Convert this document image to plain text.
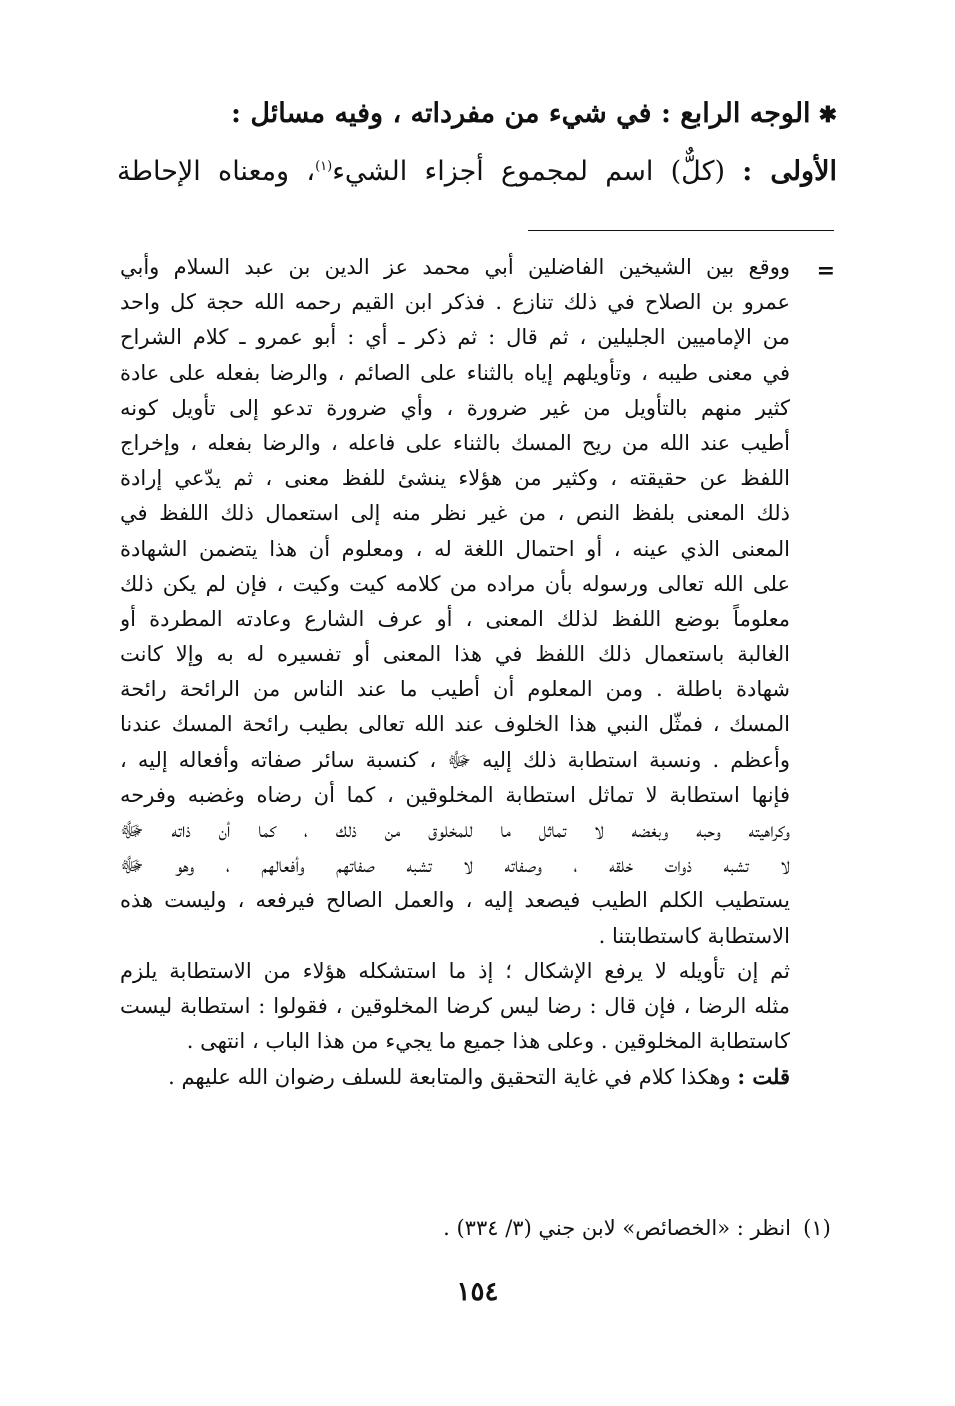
✱الوجه الرابع : في شيء من مفرداته ، وفيه مسائل :
الأولى : (كلٌّ) اسم لمجموع أجزاء الشيء$^{(١)}$، ومعناه الإحاطة
=
ووقع بين الشيخين الفاضلين أبي محمد عز الدين بن عبد السلام وأبي
عمرو بن الصلاح في ذلك تنازع . فذكر ابن القيم رحمه الله حجة كل واحد
من الإماميين الجليلين ، ثم قال : ثم ذكر ـ أي : أبو عمرو ـ كلام الشراح
في معنى طيبه ، وتأويلهم إياه بالثناء على الصائم ، والرضا بفعله على عادة
كثير منهم بالتأويل من غير ضرورة ، وأي ضرورة تدعو إلى تأويل كونه
أطيب عند الله من ريح المسك بالثناء على فاعله ، والرضا بفعله ، وإخراج
اللفظ عن حقيقته ، وكثير من هؤلاء ينشئ للفظ معنى ، ثم يدّعي إرادة
ذلك المعنى بلفظ النص ، من غير نظر منه إلى استعمال ذلك اللفظ في
المعنى الذي عينه ، أو احتمال اللغة له ، ومعلوم أن هذا يتضمن الشهادة
على الله تعالى ورسوله بأن مراده من كلامه كيت وكيت ، فإن لم يكن ذلك
معلوماً بوضع اللفظ لذلك المعنى ، أو عرف الشارع وعادته المطردة أو
الغالبة باستعمال ذلك اللفظ في هذا المعنى أو تفسيره له به وإلا كانت
شهادة باطلة . ومن المعلوم أن أطيب ما عند الناس من الرائحة رائحة
المسك ، فمثّل النبي هذا الخلوف عند الله تعالى بطيب رائحة المسك عندنا
وأعظم . ونسبة استطابة ذلك إليه ﷻ ، كنسبة سائر صفاته وأفعاله إليه ،
فإنها استطابة لا تماثل استطابة المخلوقين ، كما أن رضاه وغضبه وفرحه
وكراهيته وحبه وبغضه لا تماثل ما للمخلوق من ذلك ، كما أن ذاته ﷻ
لا تشبه ذوات خلقه ، وصفاته لا تشبه صفاتهم وأفعالهم ، وهو ﷻ
يستطيب الكلم الطيب فيصعد إليه ، والعمل الصالح فيرفعه ، وليست هذه
الاستطابة كاستطابتنا .
ثم إن تأويله لا يرفع الإشكال ؛ إذ ما استشكله هؤلاء من الاستطابة يلزم
مثله الرضا ، فإن قال : رضا ليس كرضا المخلوقين ، فقولوا : استطابة ليست
كاستطابة المخلوقين . وعلى هذا جميع ما يجيء من هذا الباب ، انتهى .
قلت : وهكذا كلام في غاية التحقيق والمتابعة للسلف رضوان الله عليهم .
(١)انظر : «الخصائص» لابن جني (٣/ ٣٣٤) .
١٥٤
